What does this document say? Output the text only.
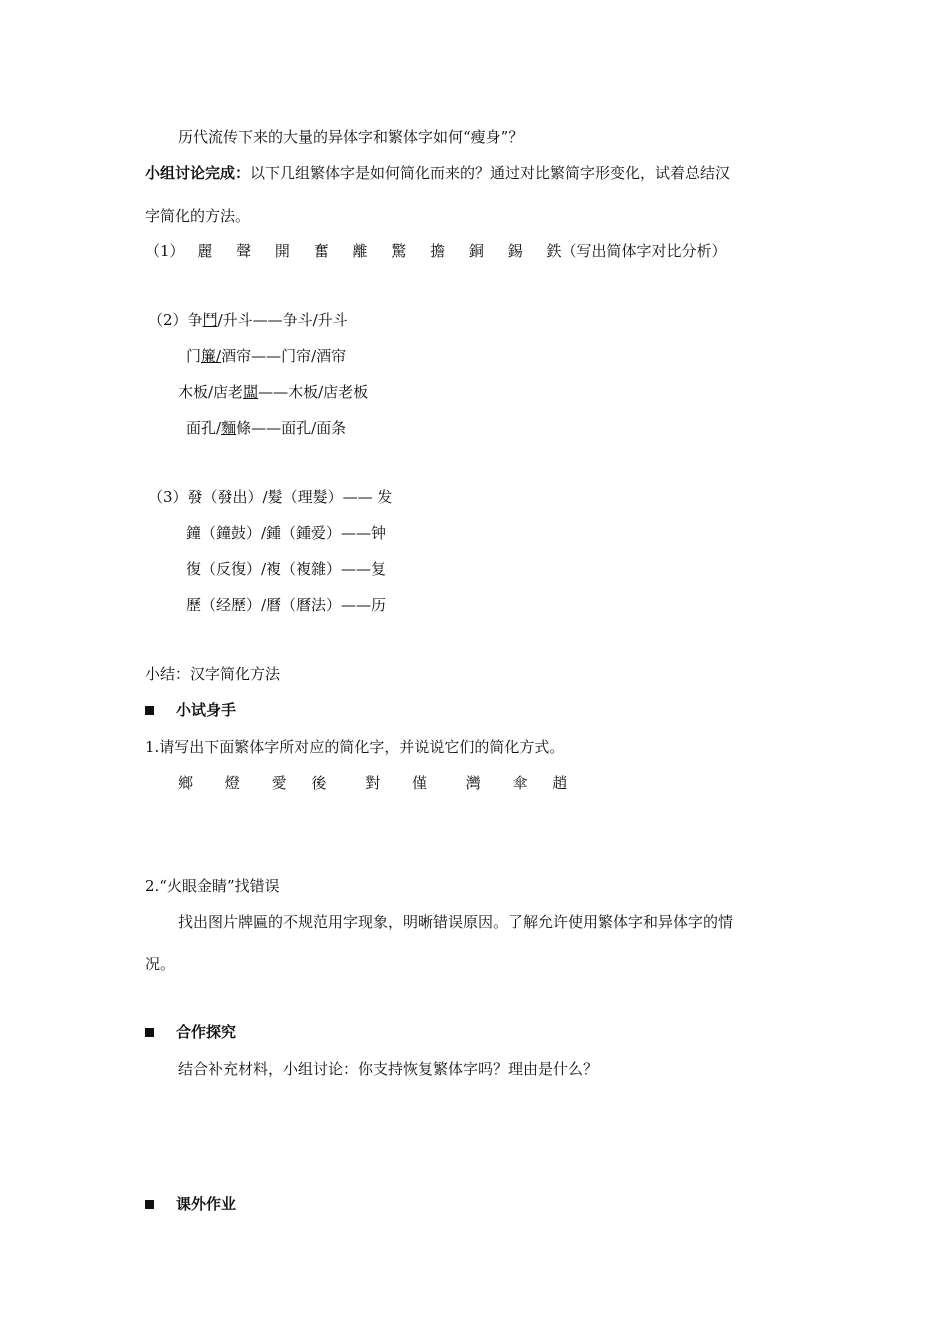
历代流传下来的大量的异体字和繁体字如何“瘦身”？
小组讨论完成：以下几组繁体字是如何简化而来的？通过对比繁简字形变化，试着总结汉
字简化的方法。
（1） 麗 聲 開 奮 離 驚 擔 銅 錫 鉄（写出简体字对比分析）
（2）争鬥/升斗——争斗/升斗
门簾/酒帘——门帘/酒帘
木板/店老闆——木板/店老板
面孔/麵條——面孔/面条
（3）發（發出）/髮（理髮）—— 发
鐘（鐘鼓）/鍾（鍾爱）——钟
復（反復）/複（複雜）——复
歷（经歷）/曆（曆法）——历
小结：汉字简化方法
小试身手
1.请写出下面繁体字所对应的简化字，并说说它们的简化方式。
鄉 燈 愛 後	對 僅	灣 傘 趙
2.“火眼金睛”找错误
找出图片牌匾的不规范用字现象，明晰错误原因。了解允许使用繁体字和异体字的情
况。
合作探究
结合补充材料，小组讨论：你支持恢复繁体字吗？理由是什么？
课外作业
